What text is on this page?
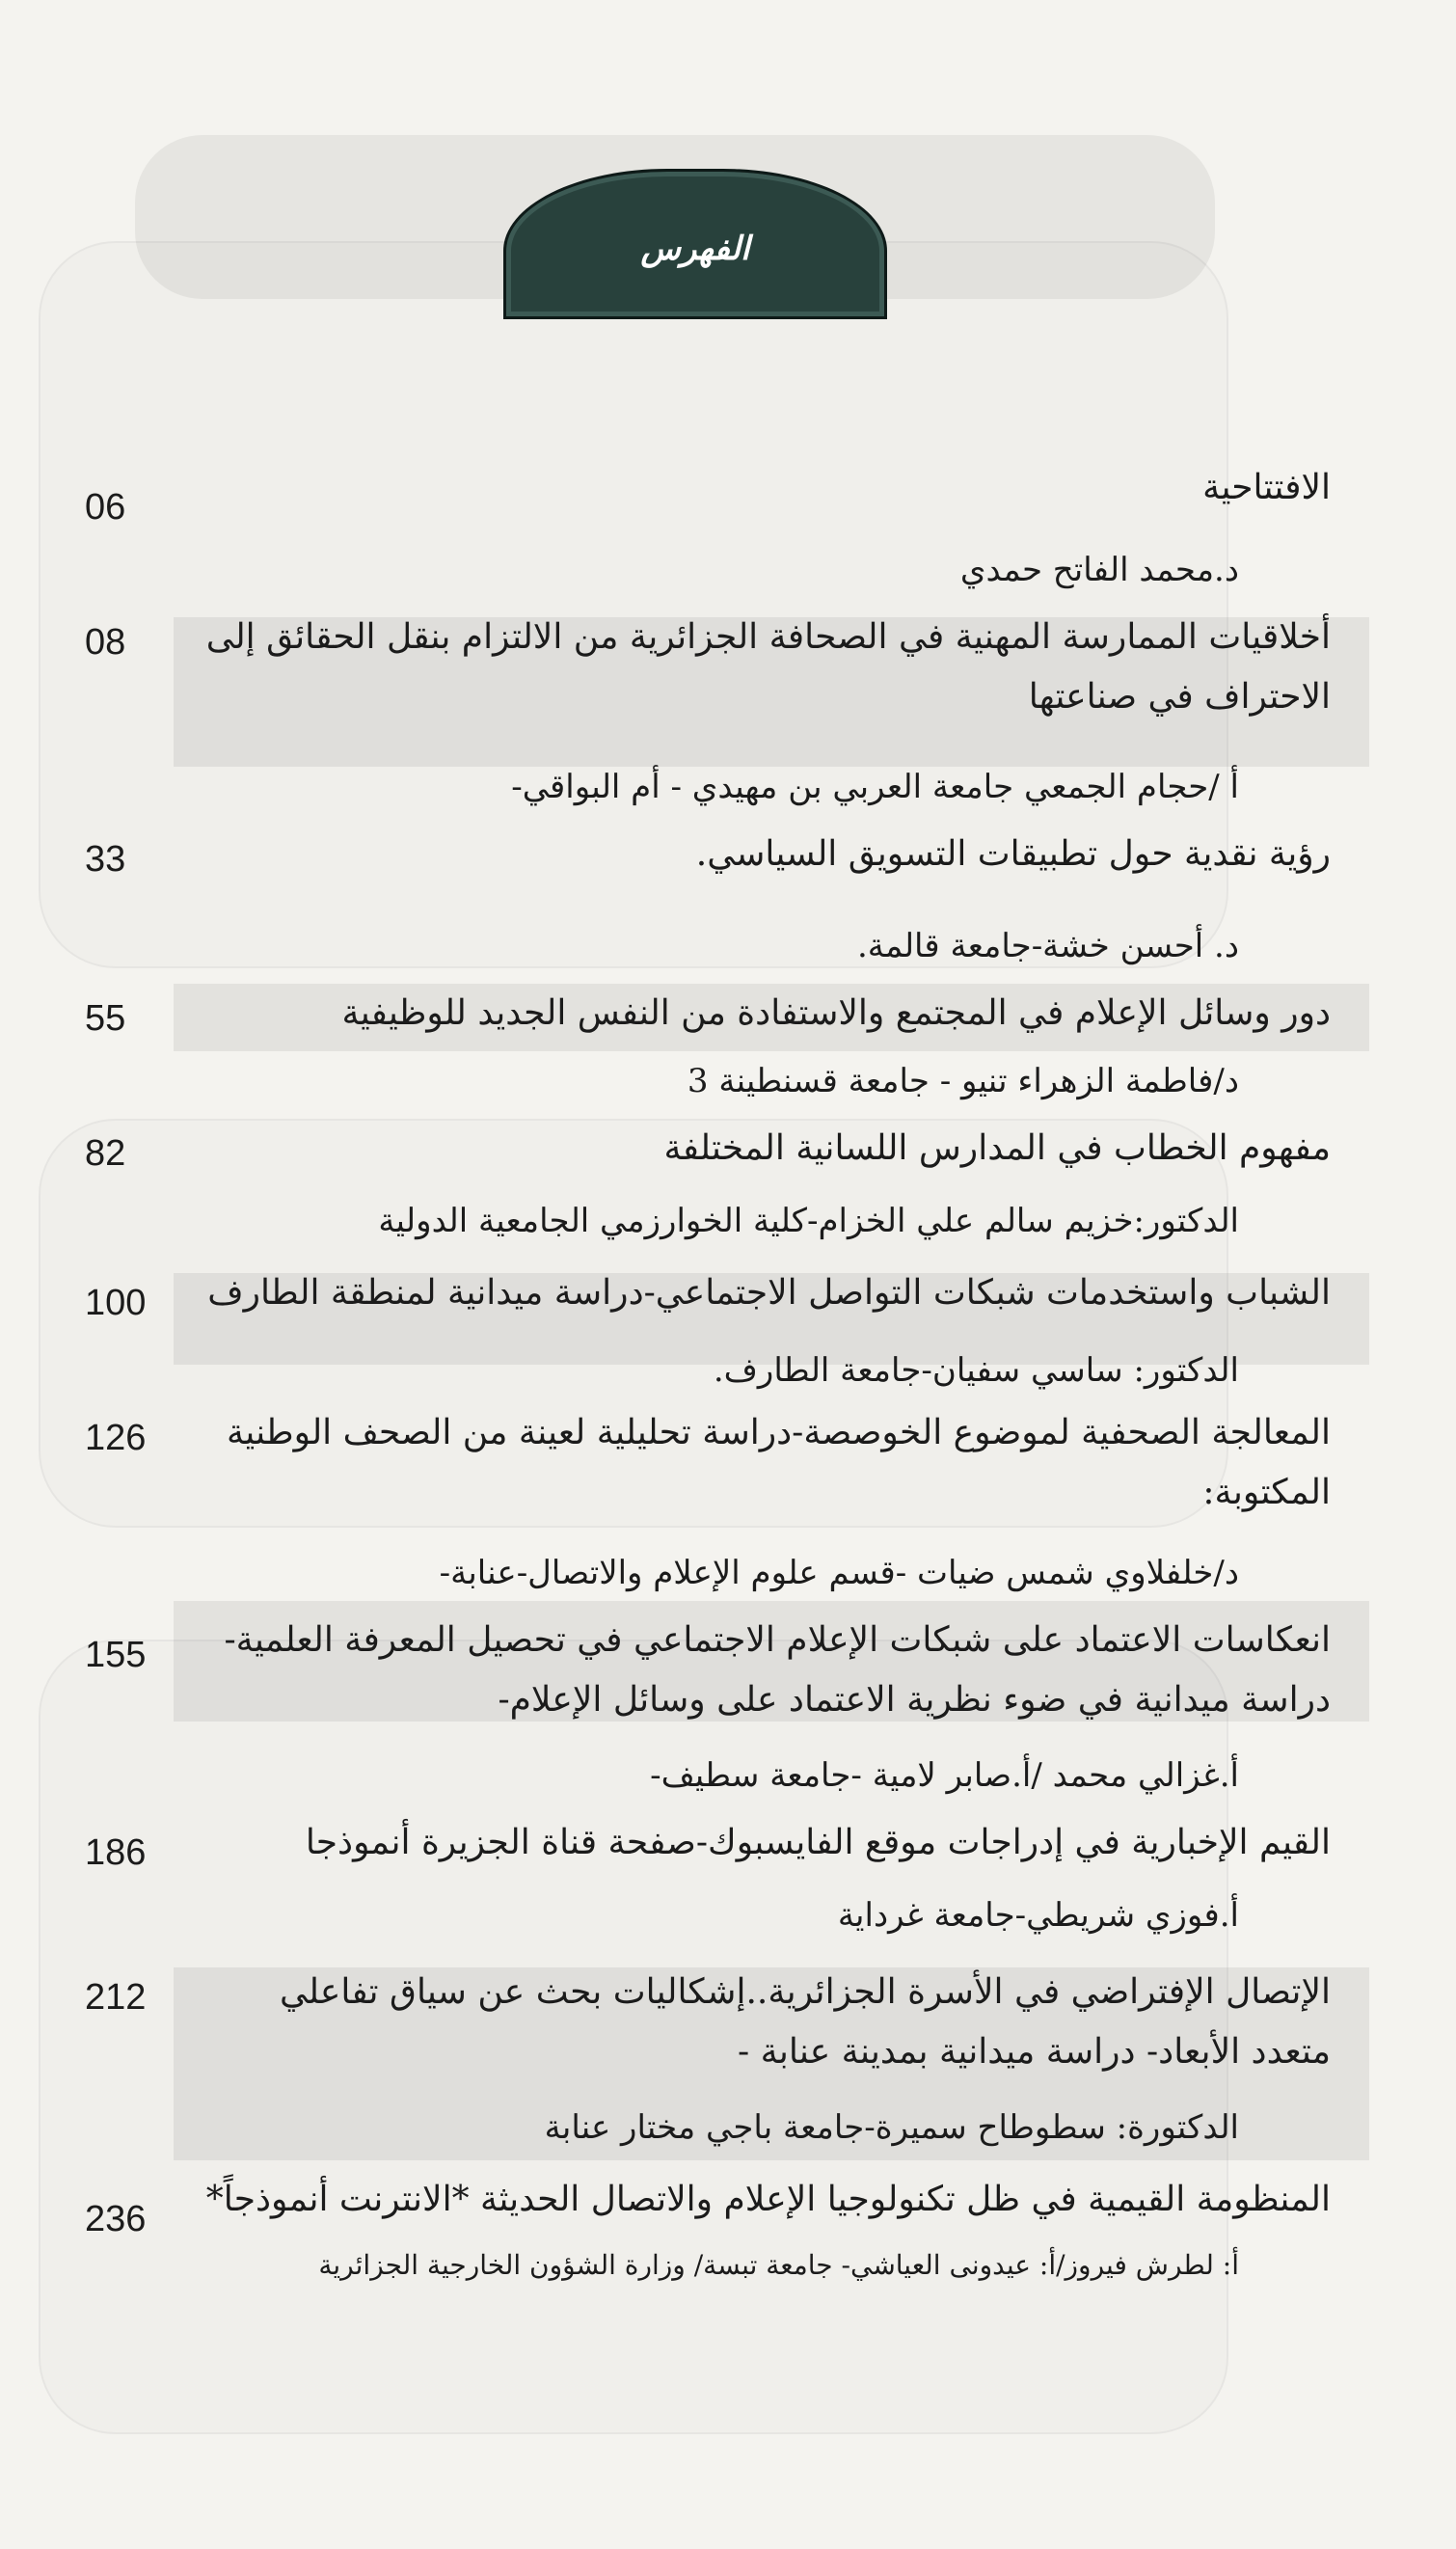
الفهرس
الافتتاحية
06
د.محمد الفاتح حمدي
أخلاقيات الممارسة المهنية في الصحافة الجزائرية من الالتزام بنقل الحقائق إلى الاحتراف في صناعتها
08
أ /حجام الجمعي جامعة العربي بن مهيدي - أم البواقي-
رؤية نقدية حول تطبيقات التسويق السياسي.
33
د. أحسن خشة-جامعة قالمة.
دور وسائل الإعلام في المجتمع والاستفادة من النفس الجديد للوظيفية
55
د/فاطمة الزهراء تنيو - جامعة قسنطينة 3
مفهوم الخطاب في المدارس اللسانية المختلفة
82
الدكتور:خزيم سالم علي الخزام-كلية الخوارزمي الجامعية الدولية
الشباب واستخدمات شبكات التواصل الاجتماعي-دراسة ميدانية لمنطقة الطارف
100
الدكتور: ساسي سفيان-جامعة الطارف.
المعالجة الصحفية لموضوع الخوصصة-دراسة تحليلية لعينة من الصحف الوطنية المكتوبة:
126
د/خلفلاوي شمس ضيات -قسم علوم الإعلام والاتصال-عنابة-
انعكاسات الاعتماد على شبكات الإعلام الاجتماعي في تحصيل المعرفة العلمية-دراسة ميدانية في ضوء نظرية الاعتماد على وسائل الإعلام-
155
أ.غزالي محمد /أ.صابر لامية -جامعة سطيف-
القيم الإخبارية في إدراجات موقع الفايسبوك-صفحة قناة الجزيرة أنموذجا
186
أ.فوزي شريطي-جامعة غرداية
الإتصال الإفتراضي في الأسرة الجزائرية..إشكاليات بحث عن سياق تفاعلي متعدد الأبعاد- دراسة ميدانية بمدينة عنابة -
212
الدكتورة: سطوطاح سميرة-جامعة باجي مختار عنابة
المنظومة القيمية في ظل تكنولوجيا الإعلام والاتصال الحديثة *الانترنت أنموذجاً*
236
أ: لطرش فيروز/أ: عيدونى العياشي- جامعة تبسة/ وزارة الشؤون الخارجية الجزائرية
